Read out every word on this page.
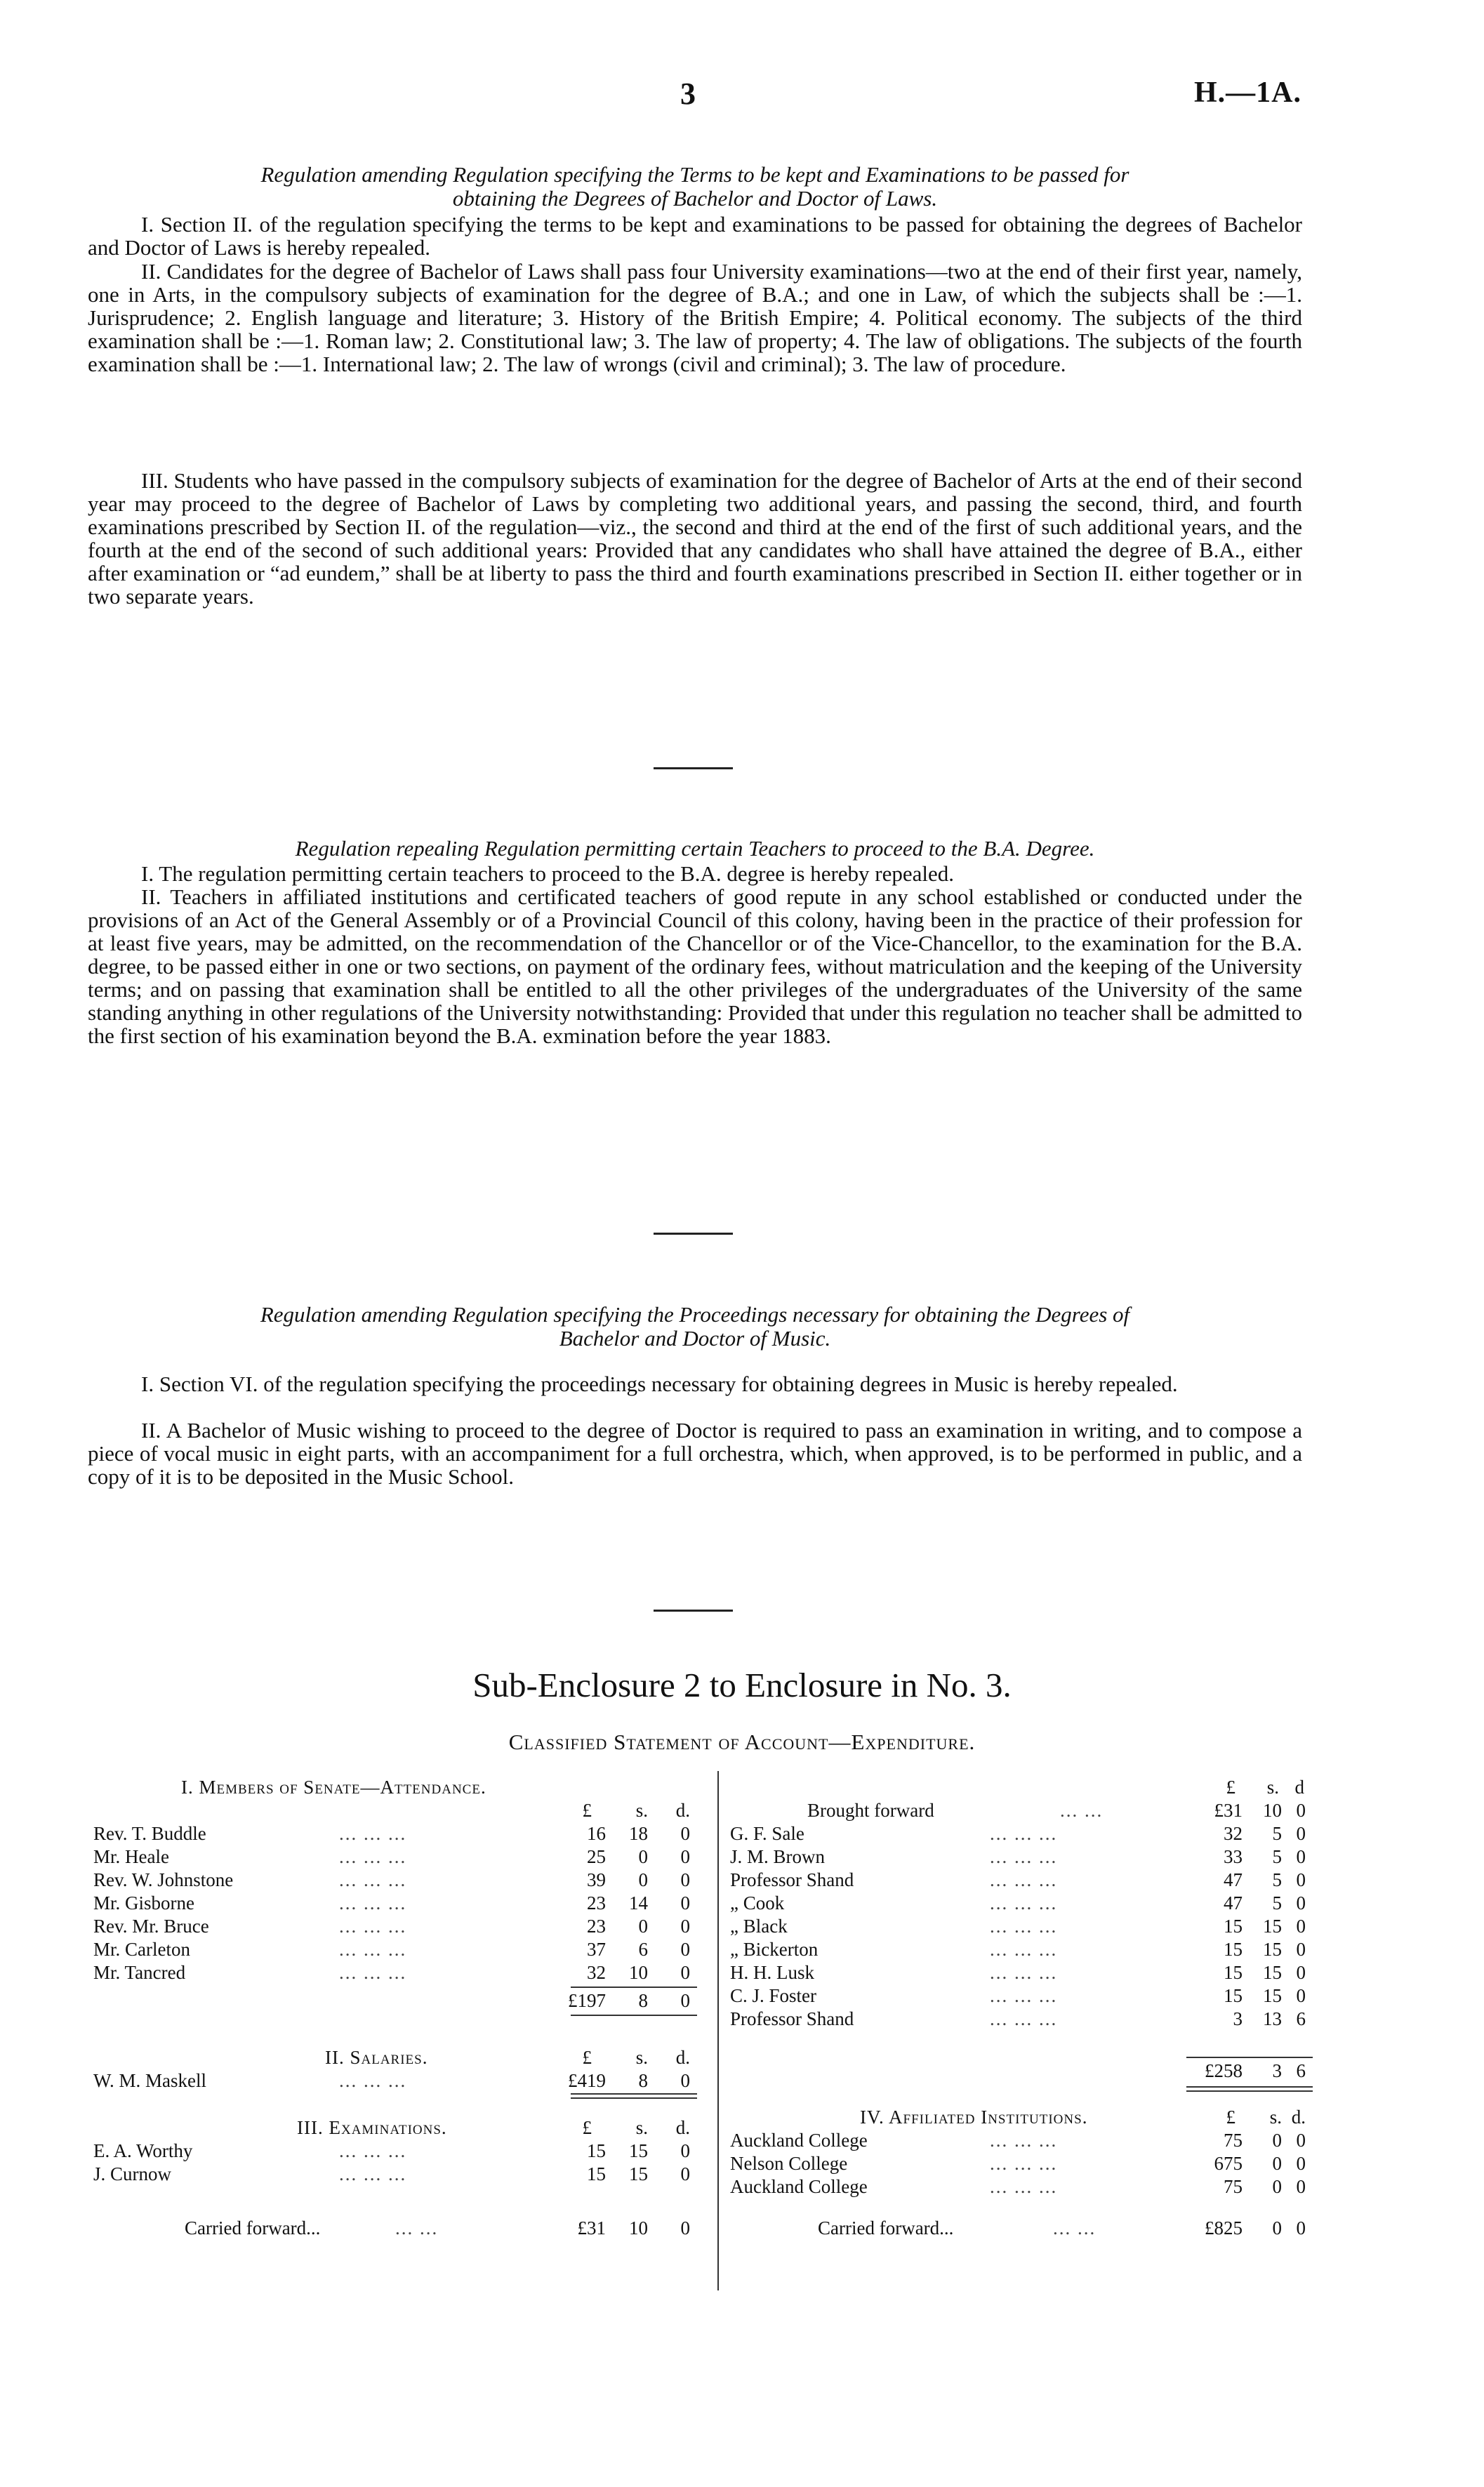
3	H.—1A.
Regulation amending Regulation specifying the Terms to be kept and Examinations to be passed for
obtaining the Degrees of Bachelor and Doctor of Laws.

I. Section II. of the regulation specifying the terms to be kept and examinations to be passed for obtaining the degrees of Bachelor and Doctor of Laws is hereby repealed.

II. Candidates for the degree of Bachelor of Laws shall pass four University examinations—two at the end of their first year, namely, one in Arts, in the compulsory subjects of examination for the degree of B.A.; and one in Law, of which the subjects shall be :—1. Jurisprudence; 2. English language and literature; 3. History of the British Empire; 4. Political economy. The subjects of the third examination shall be :—1. Roman law; 2. Constitutional law; 3. The law of property; 4. The law of obligations. The subjects of the fourth examination shall be :—1. International law; 2. The law of wrongs (civil and criminal); 3. The law of procedure.

III. Students who have passed in the compulsory subjects of examination for the degree of Bachelor of Arts at the end of their second year may proceed to the degree of Bachelor of Laws by completing two additional years, and passing the second, third, and fourth examinations prescribed by Section II. of the regulation—viz., the second and third at the end of the first of such additional years, and the fourth at the end of the second of such additional years: Provided that any candidates who shall have attained the degree of B.A., either after examination or “ad eundem,” shall be at liberty to pass the third and fourth examinations prescribed in Section II. either together or in two separate years.

Regulation repealing Regulation permitting certain Teachers to proceed to the B.A. Degree.

I. The regulation permitting certain teachers to proceed to the B.A. degree is hereby repealed.

II. Teachers in affiliated institutions and certificated teachers of good repute in any school established or conducted under the provisions of an Act of the General Assembly or of a Provincial Council of this colony, having been in the practice of their profession for at least five years, may be admitted, on the recommendation of the Chancellor or of the Vice-Chancellor, to the examination for the B.A. degree, to be passed either in one or two sections, on payment of the ordinary fees, without matriculation and the keeping of the University terms; and on passing that examination shall be entitled to all the other privileges of the undergraduates of the University of the same standing anything in other regulations of the University notwithstanding: Provided that under this regulation no teacher shall be admitted to the first section of his examination beyond the B.A. exmination before the year 1883.

Regulation amending Regulation specifying the Proceedings necessary for obtaining the Degrees of
Bachelor and Doctor of Music.

I. Section VI. of the regulation specifying the proceedings necessary for obtaining degrees in Music is hereby repealed.

II. A Bachelor of Music wishing to proceed to the degree of Doctor is required to pass an examination in writing, and to compose a piece of vocal music in eight parts, with an accompaniment for a full orchestra, which, when approved, is to be performed in public, and a copy of it is to be deposited in the Music School.

Sub-Enclosure 2 to Enclosure in No. 3.
Classified Statement of Account—Expenditure.
I. Members of Senate—Attendance.
£ s. d.
... ... ...
Rev. T. Buddle	16 18 0
... ... ...
Mr. Heale	25 0 0
... ... ...
Rev. W. Johnstone	39 0 0
... ... ...
Mr. Gisborne	23 14 0
... ... ...
Rev. Mr. Bruce	23 0 0
... ... ...
Mr. Carleton	37 6 0
... ... ...
Mr. Tancred	32 10 0
£197 8 0
II. Salaries.	£ s. d.
... ... ...
W. M. Maskell	£419 8 0
III. Examinations.	£ s. d.
... ... ...
E. A. Worthy	15 15 0
... ... ...
J. Curnow	15 15 0
Carried forward...	... ...	£31 10 0
£ s. d
Brought forward	... ...	£31 10 0
... ... ...
G. F. Sale	32 5 0
... ... ...
J. M. Brown	33 5 0
... ... ...
Professor Shand	47 5 0
... ... ...
„ Cook	47 5 0
... ... ...
„ Black	15 15 0
... ... ...
„ Bickerton	15 15 0
... ... ...
H. H. Lusk	15 15 0
... ... ...
C. J. Foster	15 15 0
... ... ...
Professor Shand	3 13 6
£258 3 6
IV. Affiliated Institutions.	£ s. d.
... ... ...
Auckland College	75 0 0
... ... ...
Nelson College	675 0 0
... ... ...
Auckland College	75 0 0
Carried forward...	... ...	£825 0 0
